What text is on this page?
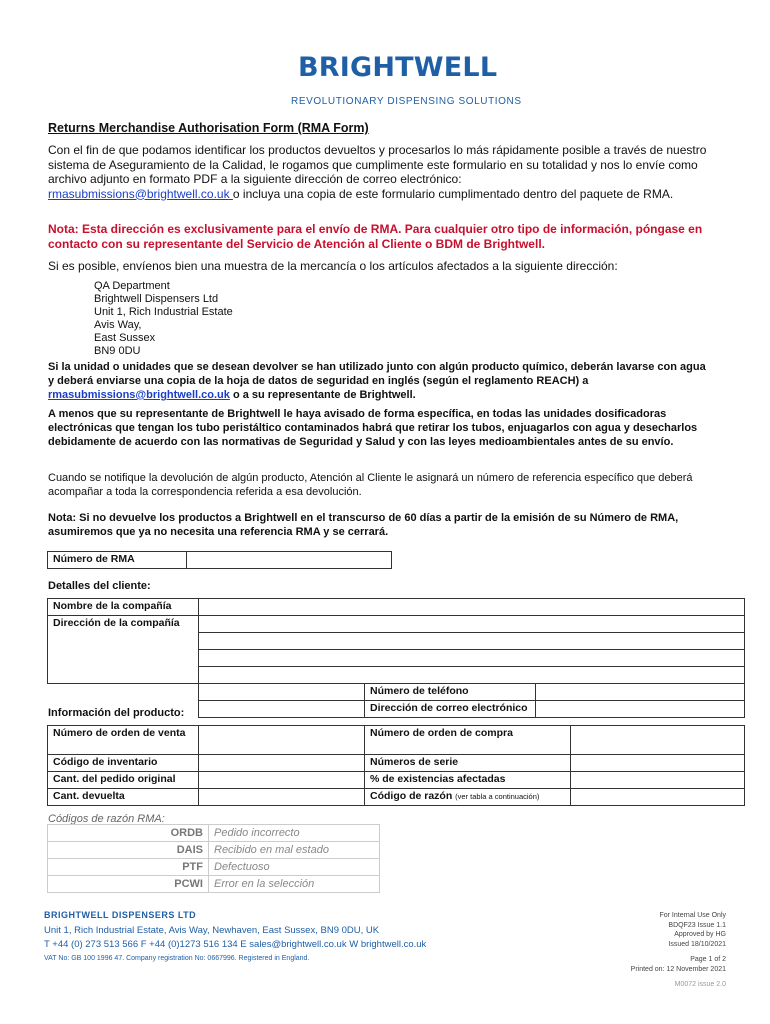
BRIGHTWELL
REVOLUTIONARY DISPENSING SOLUTIONS
Returns Merchandise Authorisation Form (RMA Form)
Con el fin de que podamos identificar los productos devueltos y procesarlos lo más rápidamente posible a través de nuestro sistema de Aseguramiento de la Calidad, le rogamos que cumplimente este formulario en su totalidad y nos lo envíe como archivo adjunto en formato PDF a la siguiente dirección de correo electrónico:
rmasubmissions@brightwell.co.uk o incluya una copia de este formulario cumplimentado dentro del paquete de RMA.
Nota: Esta dirección es exclusivamente para el envío de RMA. Para cualquier otro tipo de información, póngase en contacto con su representante del Servicio de Atención al Cliente o BDM de Brightwell.
Si es posible, envíenos bien una muestra de la mercancía o los artículos afectados a la siguiente dirección:
QA Department
Brightwell Dispensers Ltd
Unit 1, Rich Industrial Estate
Avis Way,
East Sussex
BN9 0DU
Si la unidad o unidades que se desean devolver se han utilizado junto con algún producto químico, deberán lavarse con agua y deberá enviarse una copia de la hoja de datos de seguridad en inglés (según el reglamento REACH) a rmasubmissions@brightwell.co.uk o a su representante de Brightwell.
A menos que su representante de Brightwell le haya avisado de forma específica, en todas las unidades dosificadoras electrónicas que tengan los tubo peristáltico contaminados habrá que retirar los tubos, enjuagarlos con agua y desecharlos debidamente de acuerdo con las normativas de Seguridad y Salud y con las leyes medioambientales antes de su envío.
Cuando se notifique la devolución de algún producto, Atención al Cliente le asignará un número de referencia específico que deberá acompañar a toda la correspondencia referida a esa devolución.
Nota: Si no devuelve los productos a Brightwell en el transcurso de 60 días a partir de la emisión de su Número de RMA, asumiremos que ya no necesita una referencia RMA y se cerrará.
Número de RMA	
Detalles del cliente:
Nombre de la compañía			
Dirección de la compañía			

		Número de teléfono	
		Dirección de correo electrónico	
Información del producto:
Número de orden de venta		Número de orden de compra	
Código de inventario		Números de serie	
Cant. del pedido original		% de existencias afectadas	
Cant. devuelta		Código de razón (ver tabla a continuación)	
Códigos de razón RMA:
ORDB	Pedido incorrecto
DAIS	Recibido en mal estado
PTF	Defectuoso
PCWI	Error en la selección
BRIGHTWELL DISPENSERS LTD
Unit 1, Rich Industrial Estate, Avis Way, Newhaven, East Sussex, BN9 0DU, UK
T +44 (0) 273 513 566 F +44 (0)1273 516 134 E sales@brightwell.co.uk W brightwell.co.uk
VAT No: GB 100 1996 47. Company registration No: 0667996. Registered in England.
For Internal Use Only
BDQF23 Issue 1.1
Approved by HG
Issued 18/10/2021
Page 1 of 2
Printed on: 12 November 2021
M0072 issue 2.0
